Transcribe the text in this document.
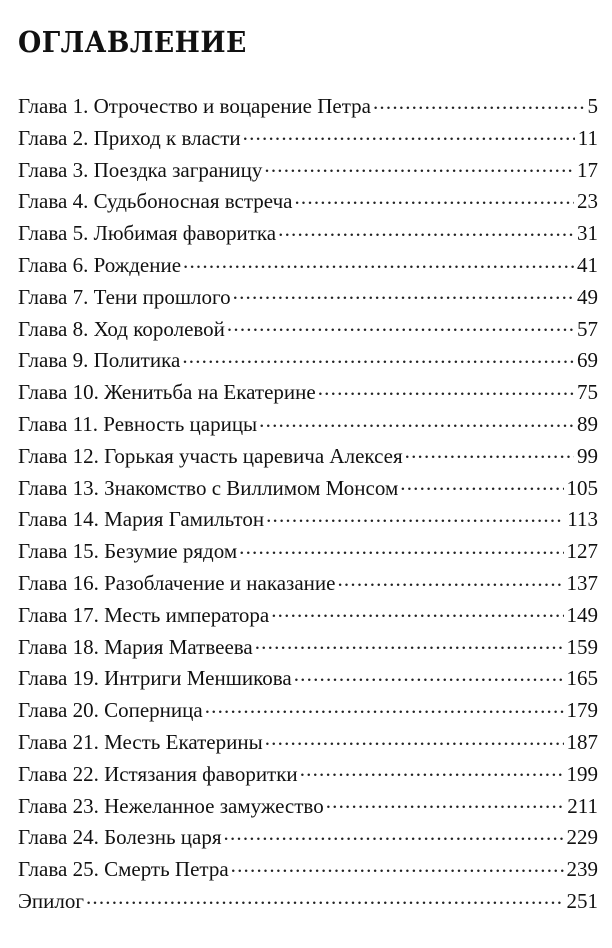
ОГЛАВЛЕНИЕ
Глава 1. Отрочество и воцарение Петра .....	5
Глава 2. Приход к власти .....	11
Глава 3. Поездка заграницу .....	17
Глава 4. Судьбоносная встреча .....	23
Глава 5. Любимая фаворитка .....	31
Глава 6. Рождение .....	41
Глава 7. Тени прошлого .....	49
Глава 8. Ход королевой .....	57
Глава 9. Политика .....	69
Глава 10. Женитьба на Екатерине .....	75
Глава 11. Ревность царицы .....	89
Глава 12. Горькая участь царевича Алексея .....	99
Глава 13. Знакомство с Виллимом Монсом .....	105
Глава 14. Мария Гамильтон .....	113
Глава 15. Безумие рядом .....	127
Глава 16. Разоблачение и наказание .....	137
Глава 17. Месть императора .....	149
Глава 18. Мария Матвеева .....	159
Глава 19. Интриги Меншикова .....	165
Глава 20. Соперница .....	179
Глава 21. Месть Екатерины .....	187
Глава 22. Истязания фаворитки .....	199
Глава 23. Нежеланное замужество .....	211
Глава 24. Болезнь царя .....	229
Глава 25. Смерть Петра .....	239
Эпилог .....	251
